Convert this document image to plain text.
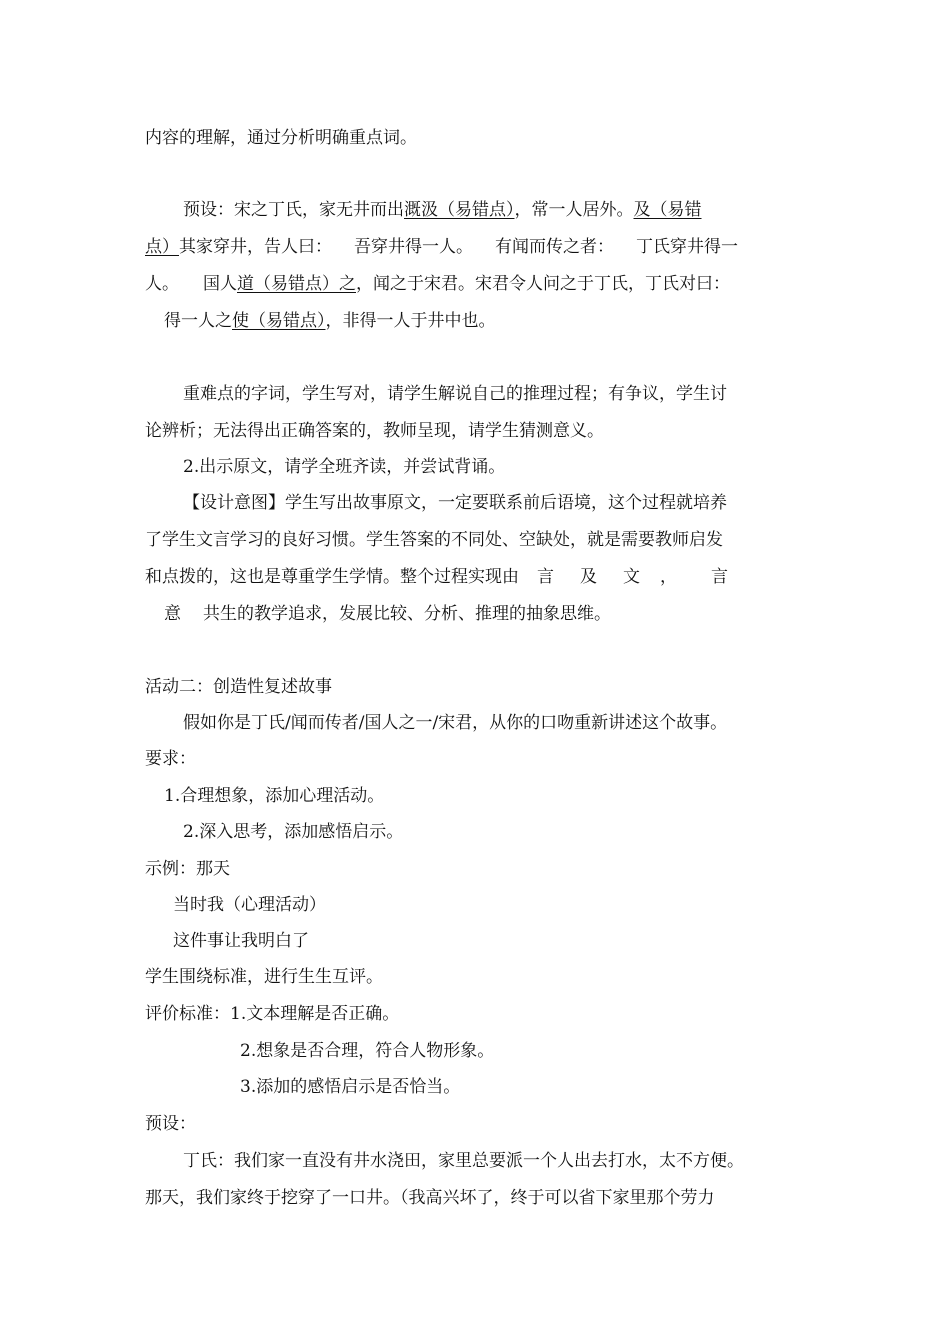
内容的理解，通过分析明确重点词。
预设：宋之丁氏，家无井而出溉汲（易错点），常一人居外。及（易错
点）其家穿井，告人曰： 吾穿井得一人。 有闻而传之者： 丁氏穿井得一
人。 国人道（易错点）之，闻之于宋君。宋君令人问之于丁氏，丁氏对曰：
得一人之使（易错点），非得一人于井中也。
重难点的字词，学生写对，请学生解说自己的推理过程；有争议，学生讨
论辨析；无法得出正确答案的，教师呈现，请学生猜测意义。
2.出示原文，请学全班齐读，并尝试背诵。
【设计意图】学生写出故事原文，一定要联系前后语境，这个过程就培养
了学生文言学习的良好习惯。学生答案的不同处、空缺处，就是需要教师启发
和点拨的，这也是尊重学生学情。整个过程实现由 言 及 文 ， 言
意 共生的教学追求，发展比较、分析、推理的抽象思维。
活动二：创造性复述故事
假如你是丁氏/闻而传者/国人之一/宋君，从你的口吻重新讲述这个故事。
要求：
1.合理想象，添加心理活动。
2.深入思考，添加感悟启示。
示例：那天
当时我（心理活动）
这件事让我明白了
学生围绕标准，进行生生互评。
评价标准：1.文本理解是否正确。
2.想象是否合理，符合人物形象。
3.添加的感悟启示是否恰当。
预设：
丁氏：我们家一直没有井水浇田，家里总要派一个人出去打水，太不方便。
那天，我们家终于挖穿了一口井。（我高兴坏了，终于可以省下家里那个劳力
